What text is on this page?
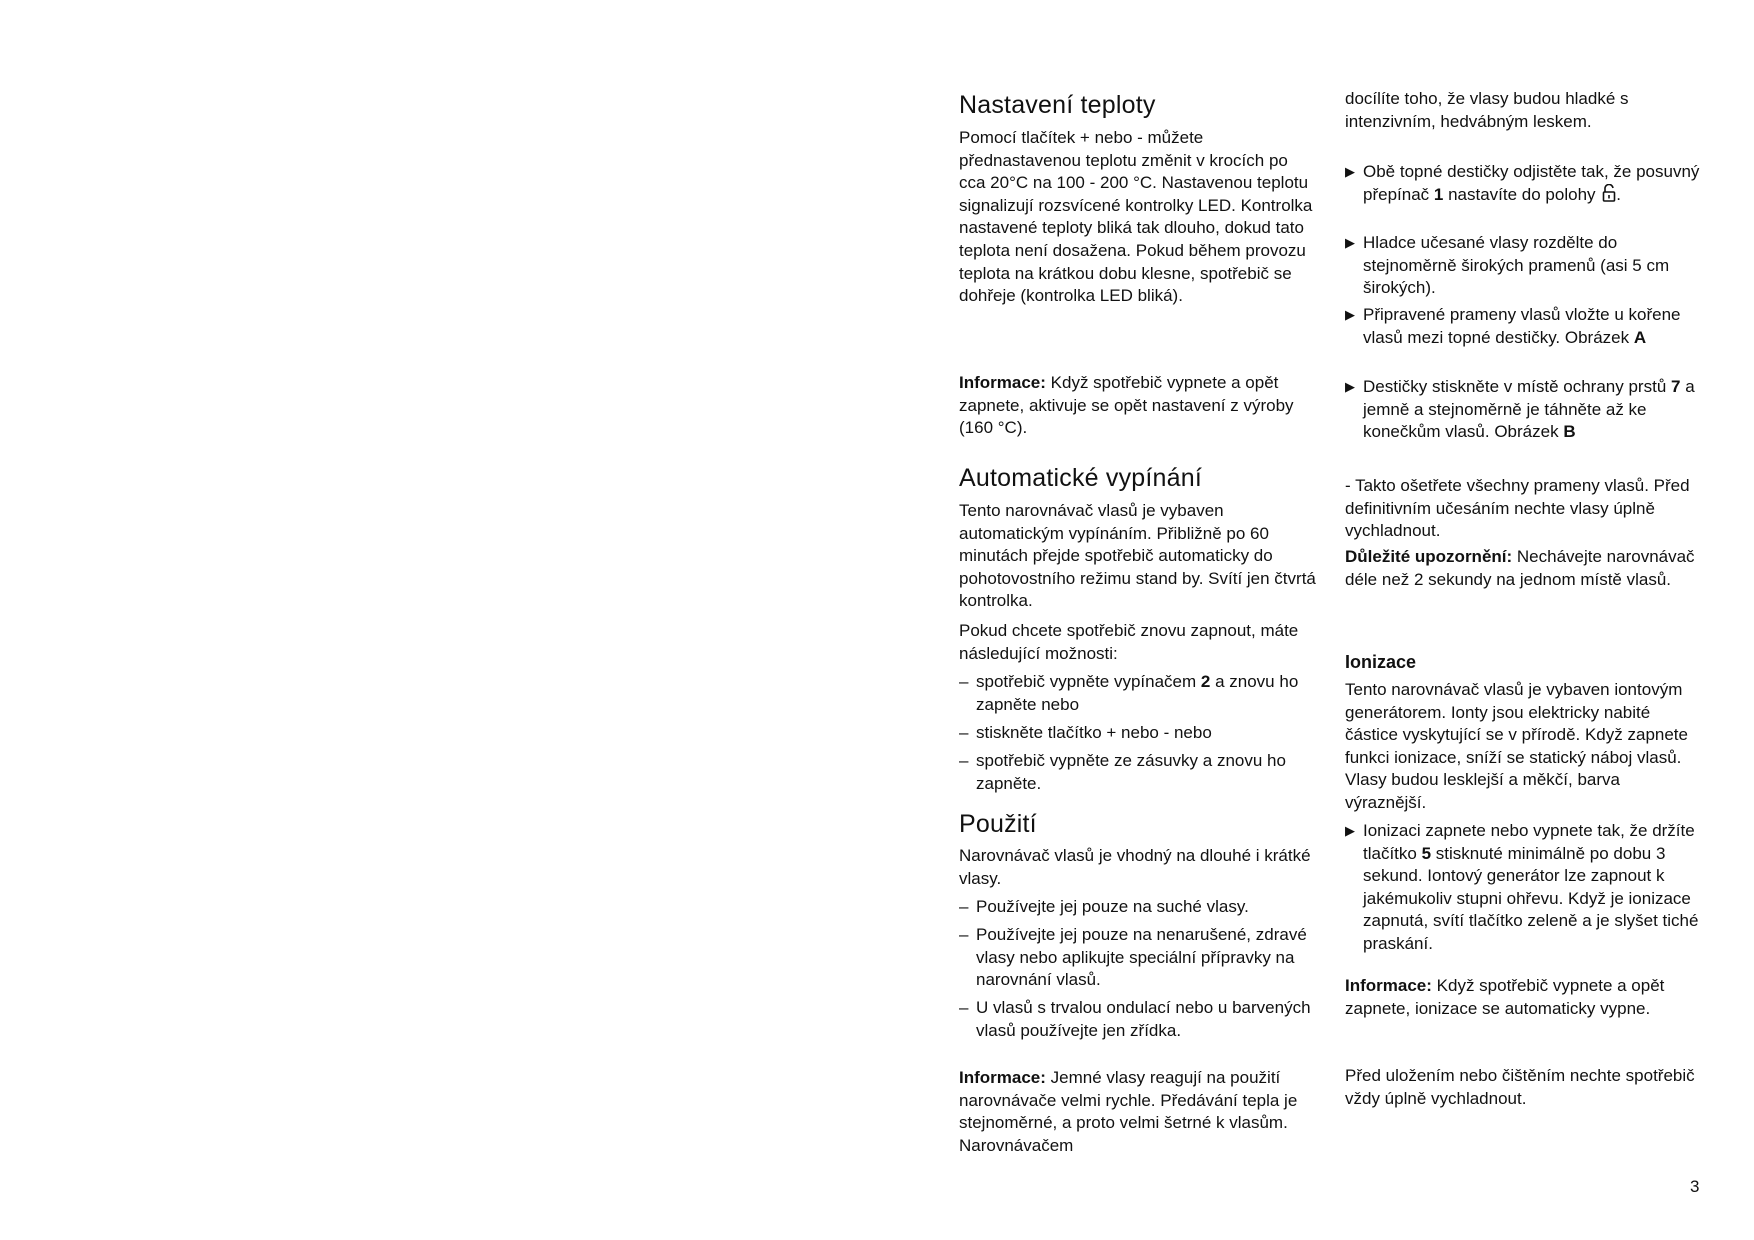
Nastavení teploty

Pomocí tlačítek + nebo - můžete přednastavenou teplotu změnit v krocích po cca 20°C na 100 - 200 °C. Nastavenou teplotu signalizují rozsvícené kontrolky LED. Kontrolka nastavené teploty bliká tak dlouho, dokud tato teplota není dosažena. Pokud během provozu teplota na krátkou dobu klesne, spotřebič se dohřeje (kontrolka LED bliká).

Informace: Když spotřebič vypnete a opět zapnete, aktivuje se opět nastavení z výroby (160 °C).

Automatické vypínání

Tento narovnávač vlasů je vybaven automatickým vypínáním. Přibližně po 60 minutách přejde spotřebič automaticky do pohotovostního režimu stand by. Svítí jen čtvrtá kontrolka.

Pokud chcete spotřebič znovu zapnout, máte následující možnosti:

– spotřebič vypněte vypínačem 2 a znovu ho zapněte nebo

– stiskněte tlačítko + nebo - nebo

– spotřebič vypněte ze zásuvky a znovu ho zapněte.

Použití

Narovnávač vlasů je vhodný na dlouhé i krátké vlasy.

– Používejte jej pouze na suché vlasy.

– Používejte jej pouze na nenarušené, zdravé vlasy nebo aplikujte speciální přípravky na narovnání vlasů.

– U vlasů s trvalou ondulací nebo u barvených vlasů používejte jen zřídka.

Informace: Jemné vlasy reagují na použití narovnávače velmi rychle. Předávání tepla je stejnoměrné, a proto velmi šetrné k vlasům. Narovnávačem

docílíte toho, že vlasy budou hladké s intenzivním, hedvábným leskem.

▶ Obě topné destičky odjistěte tak, že posuvný přepínač 1 nastavíte do polohy .

▶ Hladce učesané vlasy rozdělte do stejnoměrně širokých pramenů (asi 5 cm širokých).

▶ Připravené prameny vlasů vložte u kořene vlasů mezi topné destičky. Obrázek A

▶ Destičky stiskněte v místě ochrany prstů 7 a jemně a stejnoměrně je táhněte až ke konečkům vlasů. Obrázek B

- Takto ošetřete všechny prameny vlasů. Před definitivním učesáním nechte vlasy úplně vychladnout.

Důležité upozornění: Nechávejte narovnávač déle než 2 sekundy na jednom místě vlasů.

Ionizace

Tento narovnávač vlasů je vybaven iontovým generátorem. Ionty jsou elektricky nabité částice vyskytující se v přírodě. Když zapnete funkci ionizace, sníží se statický náboj vlasů. Vlasy budou lesklejší a měkčí, barva výraznější.

▶ Ionizaci zapnete nebo vypnete tak, že držíte tlačítko 5 stisknuté minimálně po dobu 3 sekund. Iontový generátor lze zapnout k jakémukoliv stupni ohřevu. Když je ionizace zapnutá, svítí tlačítko zeleně a je slyšet tiché praskání.

Informace: Když spotřebič vypnete a opět zapnete, ionizace se automaticky vypne.

Před uložením nebo čištěním nechte spotřebič vždy úplně vychladnout.

3
